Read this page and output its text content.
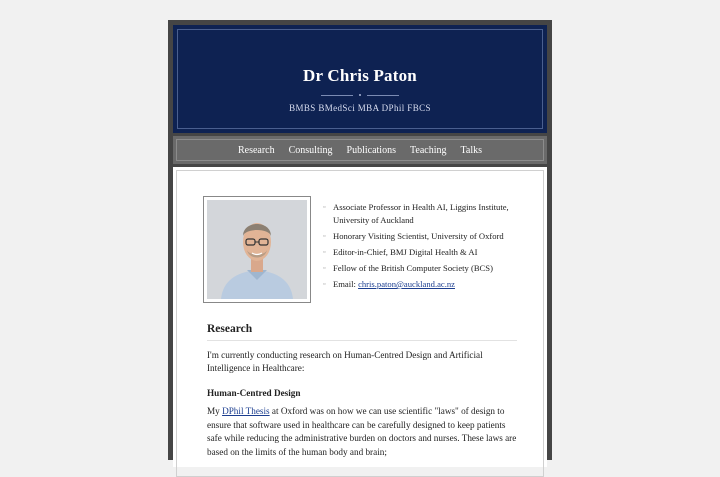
Dr Chris Paton
BMBS BMedSci MBA DPhil FBCS
Research Consulting Publications Teaching Talks
▫ Associate Professor in Health AI, Liggins Institute, University of Auckland
▫ Honorary Visiting Scientist, University of Oxford
▫ Editor-in-Chief, BMJ Digital Health & AI
▫ Fellow of the British Computer Society (BCS)
▫ Email: chris.paton@auckland.ac.nz
Research

I'm currently conducting research on Human-Centred Design and Artificial Intelligence in Healthcare:

Human-Centred Design

My DPhil Thesis at Oxford was on how we can use scientific "laws" of design to ensure that software used in healthcare can be carefully designed to keep patients safe while reducing the administrative burden on doctors and nurses. These laws are based on the limits of the human body and brain;
